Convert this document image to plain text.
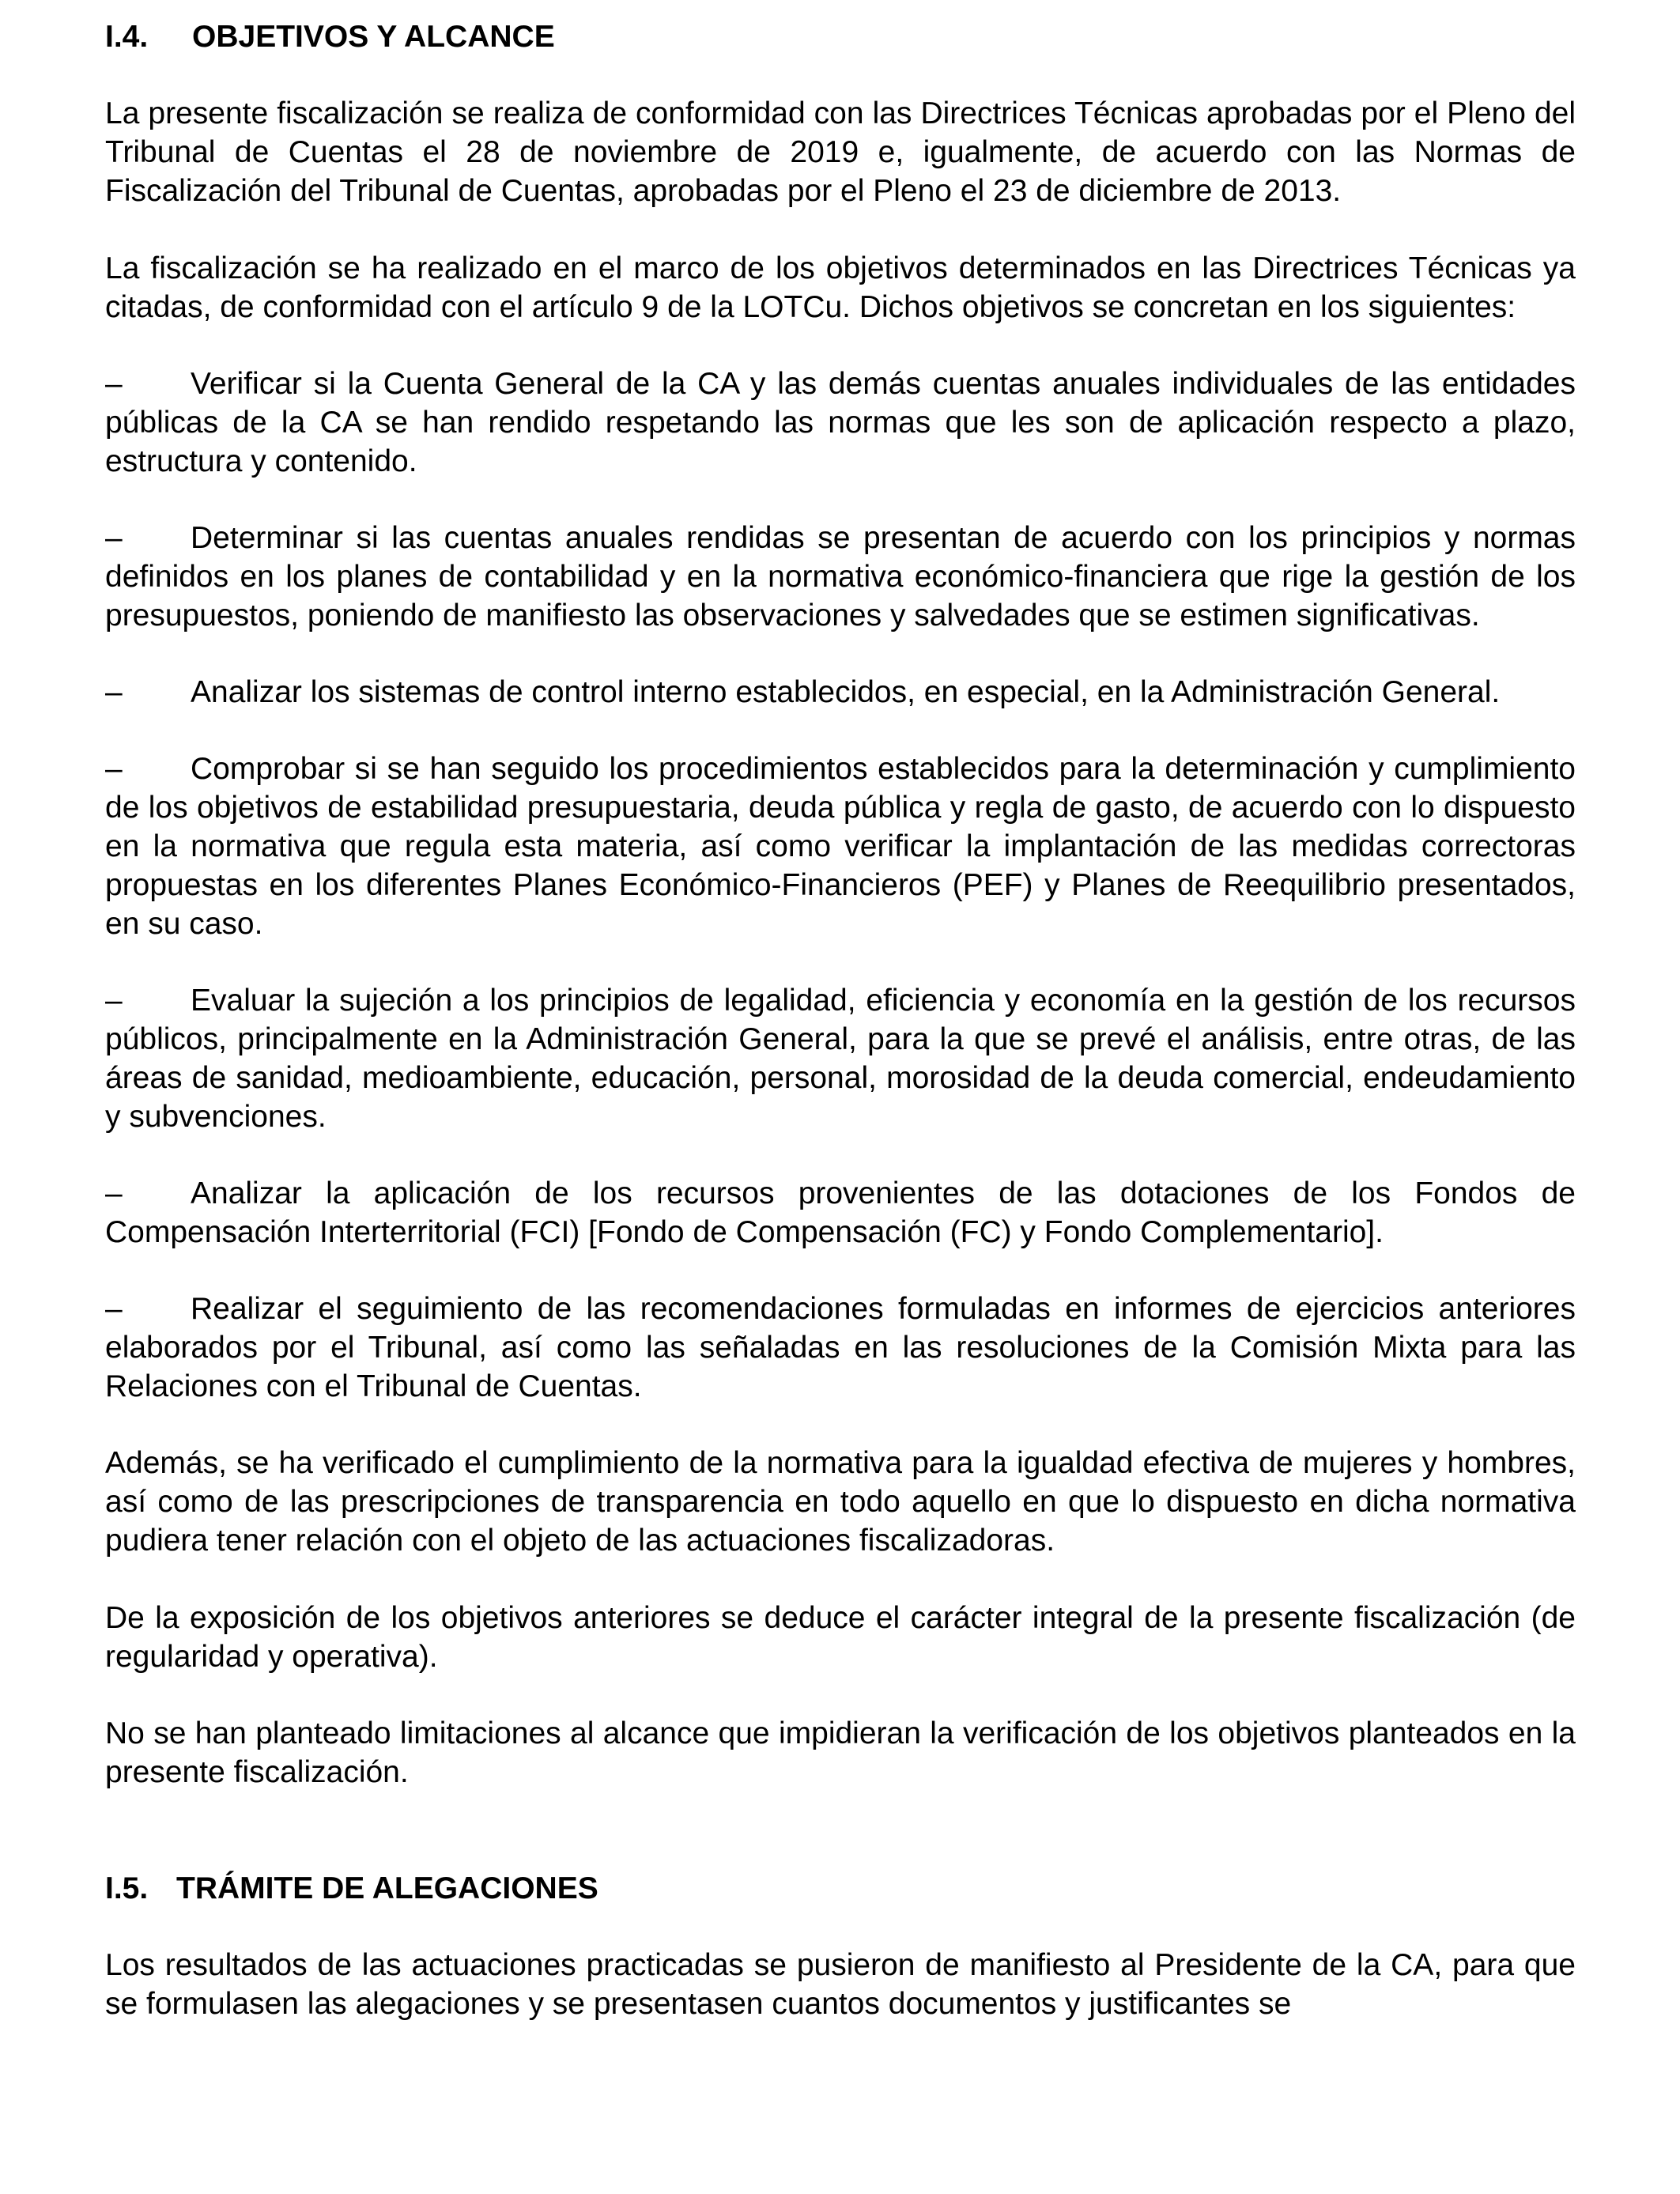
I.4. OBJETIVOS Y ALCANCE

La presente fiscalización se realiza de conformidad con las Directrices Técnicas aprobadas por el Pleno del Tribunal de Cuentas el 28 de noviembre de 2019 e, igualmente, de acuerdo con las Normas de Fiscalización del Tribunal de Cuentas, aprobadas por el Pleno el 23 de diciembre de 2013.

La fiscalización se ha realizado en el marco de los objetivos determinados en las Directrices Técnicas ya citadas, de conformidad con el artículo 9 de la LOTCu. Dichos objetivos se concretan en los siguientes:

– Verificar si la Cuenta General de la CA y las demás cuentas anuales individuales de las entidades públicas de la CA se han rendido respetando las normas que les son de aplicación respecto a plazo, estructura y contenido.

– Determinar si las cuentas anuales rendidas se presentan de acuerdo con los principios y normas definidos en los planes de contabilidad y en la normativa económico-financiera que rige la gestión de los presupuestos, poniendo de manifiesto las observaciones y salvedades que se estimen significativas.

– Analizar los sistemas de control interno establecidos, en especial, en la Administración General.

– Comprobar si se han seguido los procedimientos establecidos para la determinación y cumplimiento de los objetivos de estabilidad presupuestaria, deuda pública y regla de gasto, de acuerdo con lo dispuesto en la normativa que regula esta materia, así como verificar la implantación de las medidas correctoras propuestas en los diferentes Planes Económico-Financieros (PEF) y Planes de Reequilibrio presentados, en su caso.

– Evaluar la sujeción a los principios de legalidad, eficiencia y economía en la gestión de los recursos públicos, principalmente en la Administración General, para la que se prevé el análisis, entre otras, de las áreas de sanidad, medioambiente, educación, personal, morosidad de la deuda comercial, endeudamiento y subvenciones.

– Analizar la aplicación de los recursos provenientes de las dotaciones de los Fondos de Compensación Interterritorial (FCI) [Fondo de Compensación (FC) y Fondo Complementario].

– Realizar el seguimiento de las recomendaciones formuladas en informes de ejercicios anteriores elaborados por el Tribunal, así como las señaladas en las resoluciones de la Comisión Mixta para las Relaciones con el Tribunal de Cuentas.

Además, se ha verificado el cumplimiento de la normativa para la igualdad efectiva de mujeres y hombres, así como de las prescripciones de transparencia en todo aquello en que lo dispuesto en dicha normativa pudiera tener relación con el objeto de las actuaciones fiscalizadoras.

De la exposición de los objetivos anteriores se deduce el carácter integral de la presente fiscalización (de regularidad y operativa).

No se han planteado limitaciones al alcance que impidieran la verificación de los objetivos planteados en la presente fiscalización.

I.5. TRÁMITE DE ALEGACIONES

Los resultados de las actuaciones practicadas se pusieron de manifiesto al Presidente de la CA, para que se formulasen las alegaciones y se presentasen cuantos documentos y justificantes se
